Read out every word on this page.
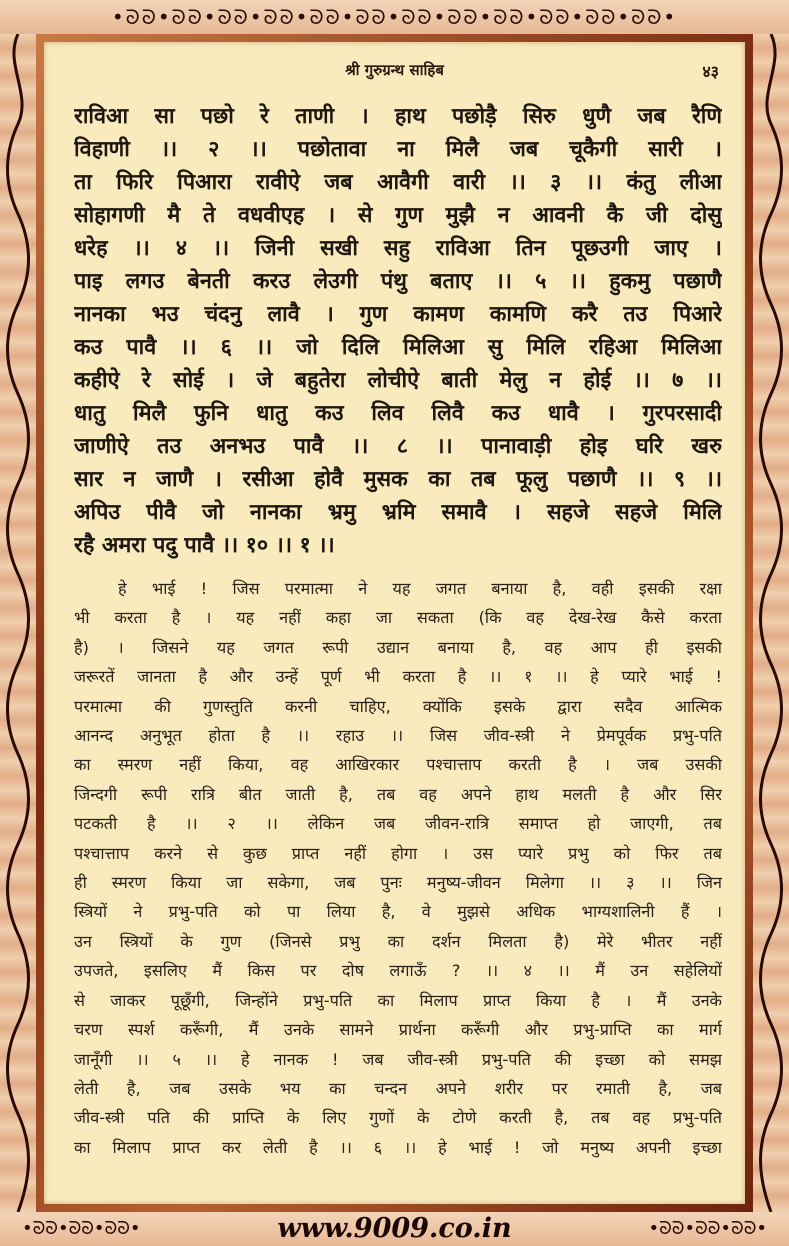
•ᘐᘐ•ᘐᘐ•ᘐᘐ•ᘐᘐ•ᘐᘐ•ᘐᘐ•ᘐᘐ•ᘐᘐ•ᘐᘐ•ᘐᘐ•ᘐᘐ•ᘐᘐ•
श्री गुरुग्रन्थ साहिब	४३
राविआ सा पछो रे ताणी । हाथ पछोड़ै सिरु धुणै जब रैणि
विहाणी ।। २ ।। पछोतावा ना मिलै जब चूकैगी सारी ।
ता फिरि पिआरा रावीऐ जब आवैगी वारी ।। ३ ।। कंतु लीआ
सोहागणी मै ते वधवीएह । से गुण मुझै न आवनी कै जी दोसु
धरेह ।। ४ ।। जिनी सखी सहु राविआ तिन पूछउगी जाए ।
पाइ लगउ बेनती करउ लेउगी पंथु बताए ।। ५ ।। हुकमु पछाणै
नानका भउ चंदनु लावै । गुण कामण कामणि करै तउ पिआरे
कउ पावै ।। ६ ।। जो दिलि मिलिआ सु मिलि रहिआ मिलिआ
कहीऐ रे सोई । जे बहुतेरा लोचीऐ बाती मेलु न होई ।। ७ ।।
धातु मिलै फुनि धातु कउ लिव लिवै कउ धावै । गुरपरसादी
जाणीऐ तउ अनभउ पावै ।। ८ ।। पानावाड़ी होइ घरि खरु
सार न जाणै । रसीआ होवै मुसक का तब फूलु पछाणै ।। ९ ।।
अपिउ पीवै जो नानका भ्रमु भ्रमि समावै । सहजे सहजे मिलि
रहै अमरा पदु पावै ।। १० ।। १ ।।
हे भाई ! जिस परमात्मा ने यह जगत बनाया है, वही इसकी रक्षा
भी करता है । यह नहीं कहा जा सकता (कि वह देख-रेख कैसे करता
है) । जिसने यह जगत रूपी उद्यान बनाया है, वह आप ही इसकी
जरूरतें जानता है और उन्हें पूर्ण भी करता है ।। १ ।। हे प्यारे भाई !
परमात्मा की गुणस्तुति करनी चाहिए, क्योंकि इसके द्वारा सदैव आत्मिक
आनन्द अनुभूत होता है ।। रहाउ ।। जिस जीव-स्त्री ने प्रेमपूर्वक प्रभु-पति
का स्मरण नहीं किया, वह आखिरकार पश्चात्ताप करती है । जब उसकी
जिन्दगी रूपी रात्रि बीत जाती है, तब वह अपने हाथ मलती है और सिर
पटकती है ।। २ ।। लेकिन जब जीवन-रात्रि समाप्त हो जाएगी, तब
पश्चात्ताप करने से कुछ प्राप्त नहीं होगा । उस प्यारे प्रभु को फिर तब
ही स्मरण किया जा सकेगा, जब पुनः मनुष्य-जीवन मिलेगा ।। ३ ।। जिन
स्त्रियों ने प्रभु-पति को पा लिया है, वे मुझसे अधिक भाग्यशालिनी हैं ।
उन स्त्रियों के गुण (जिनसे प्रभु का दर्शन मिलता है) मेरे भीतर नहीं
उपजते, इसलिए मैं किस पर दोष लगाऊँ ? ।। ४ ।। मैं उन सहेलियों
से जाकर पूछूँगी, जिन्होंने प्रभु-पति का मिलाप प्राप्त किया है । मैं उनके
चरण स्पर्श करूँगी, मैं उनके सामने प्रार्थना करूँगी और प्रभु-प्राप्ति का मार्ग
जानूँगी ।। ५ ।। हे नानक ! जब जीव-स्त्री प्रभु-पति की इच्छा को समझ
लेती है, जब उसके भय का चन्दन अपने शरीर पर रमाती है, जब
जीव-स्त्री पति की प्राप्ति के लिए गुणों के टोणे करती है, तब वह प्रभु-पति
का मिलाप प्राप्त कर लेती है ।। ६ ।। हे भाई ! जो मनुष्य अपनी इच्छा
•ᘐᘐ•ᘐᘐ•ᘐᘐ•	www.9009.co.in	•ᘐᘐ•ᘐᘐ•ᘐᘐ•
